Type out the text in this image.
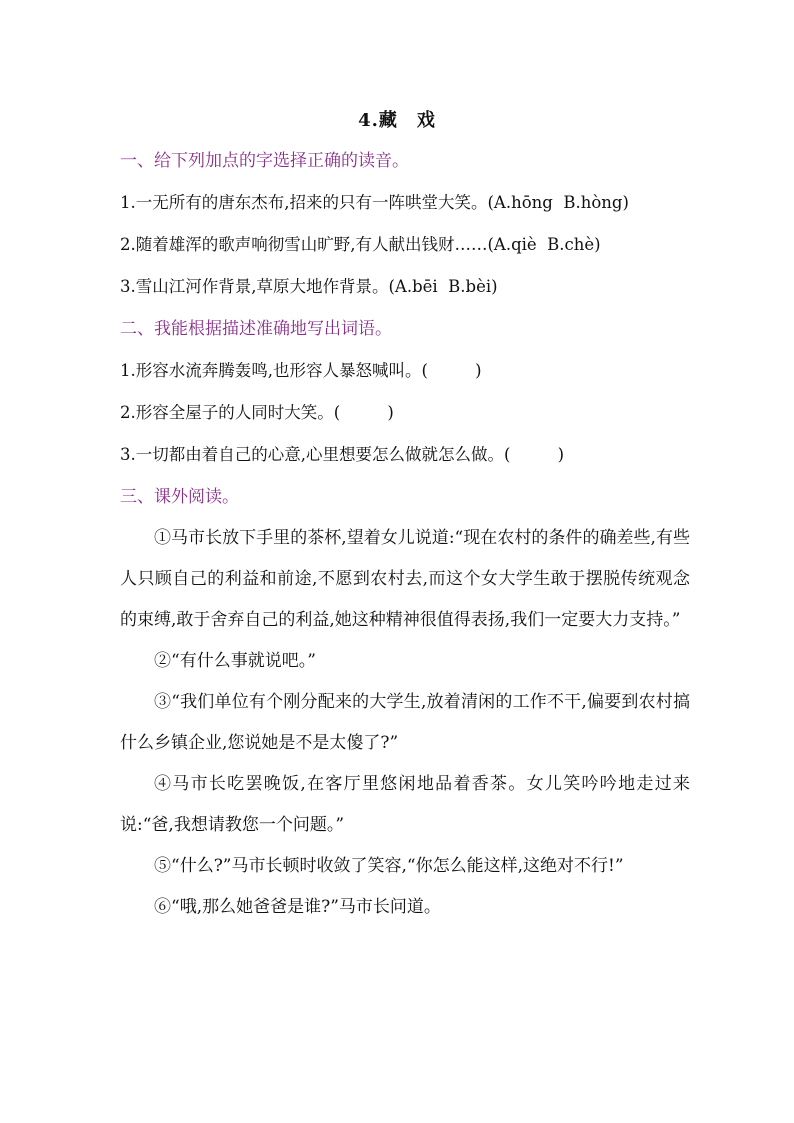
4.藏　戏
一、给下列加点的字选择正确的读音。
1.一无所有的唐东杰布,招来的只有一阵哄堂大笑。(A.hōng  B.hòng)
2.随着雄浑的歌声响彻雪山旷野,有人献出钱财……(A.qiè  B.chè)
3.雪山江河作背景,草原大地作背景。(A.bēi  B.bèi)
二、我能根据描述准确地写出词语。
1.形容水流奔腾轰鸣,也形容人暴怒喊叫。(         )
2.形容全屋子的人同时大笑。(         )
3.一切都由着自己的心意,心里想要怎么做就怎么做。(         )
三、课外阅读。

①马市长放下手里的茶杯,望着女儿说道:“现在农村的条件的确差些,有些人只顾自己的利益和前途,不愿到农村去,而这个女大学生敢于摆脱传统观念的束缚,敢于舍弃自己的利益,她这种精神很值得表扬,我们一定要大力支持。”

②“有什么事就说吧。”

③“我们单位有个刚分配来的大学生,放着清闲的工作不干,偏要到农村搞什么乡镇企业,您说她是不是太傻了?”

④马市长吃罢晚饭,在客厅里悠闲地品着香茶。女儿笑吟吟地走过来说:“爸,我想请教您一个问题。”

⑤“什么?”马市长顿时收敛了笑容,“你怎么能这样,这绝对不行!”

⑥“哦,那么她爸爸是谁?”马市长问道。
